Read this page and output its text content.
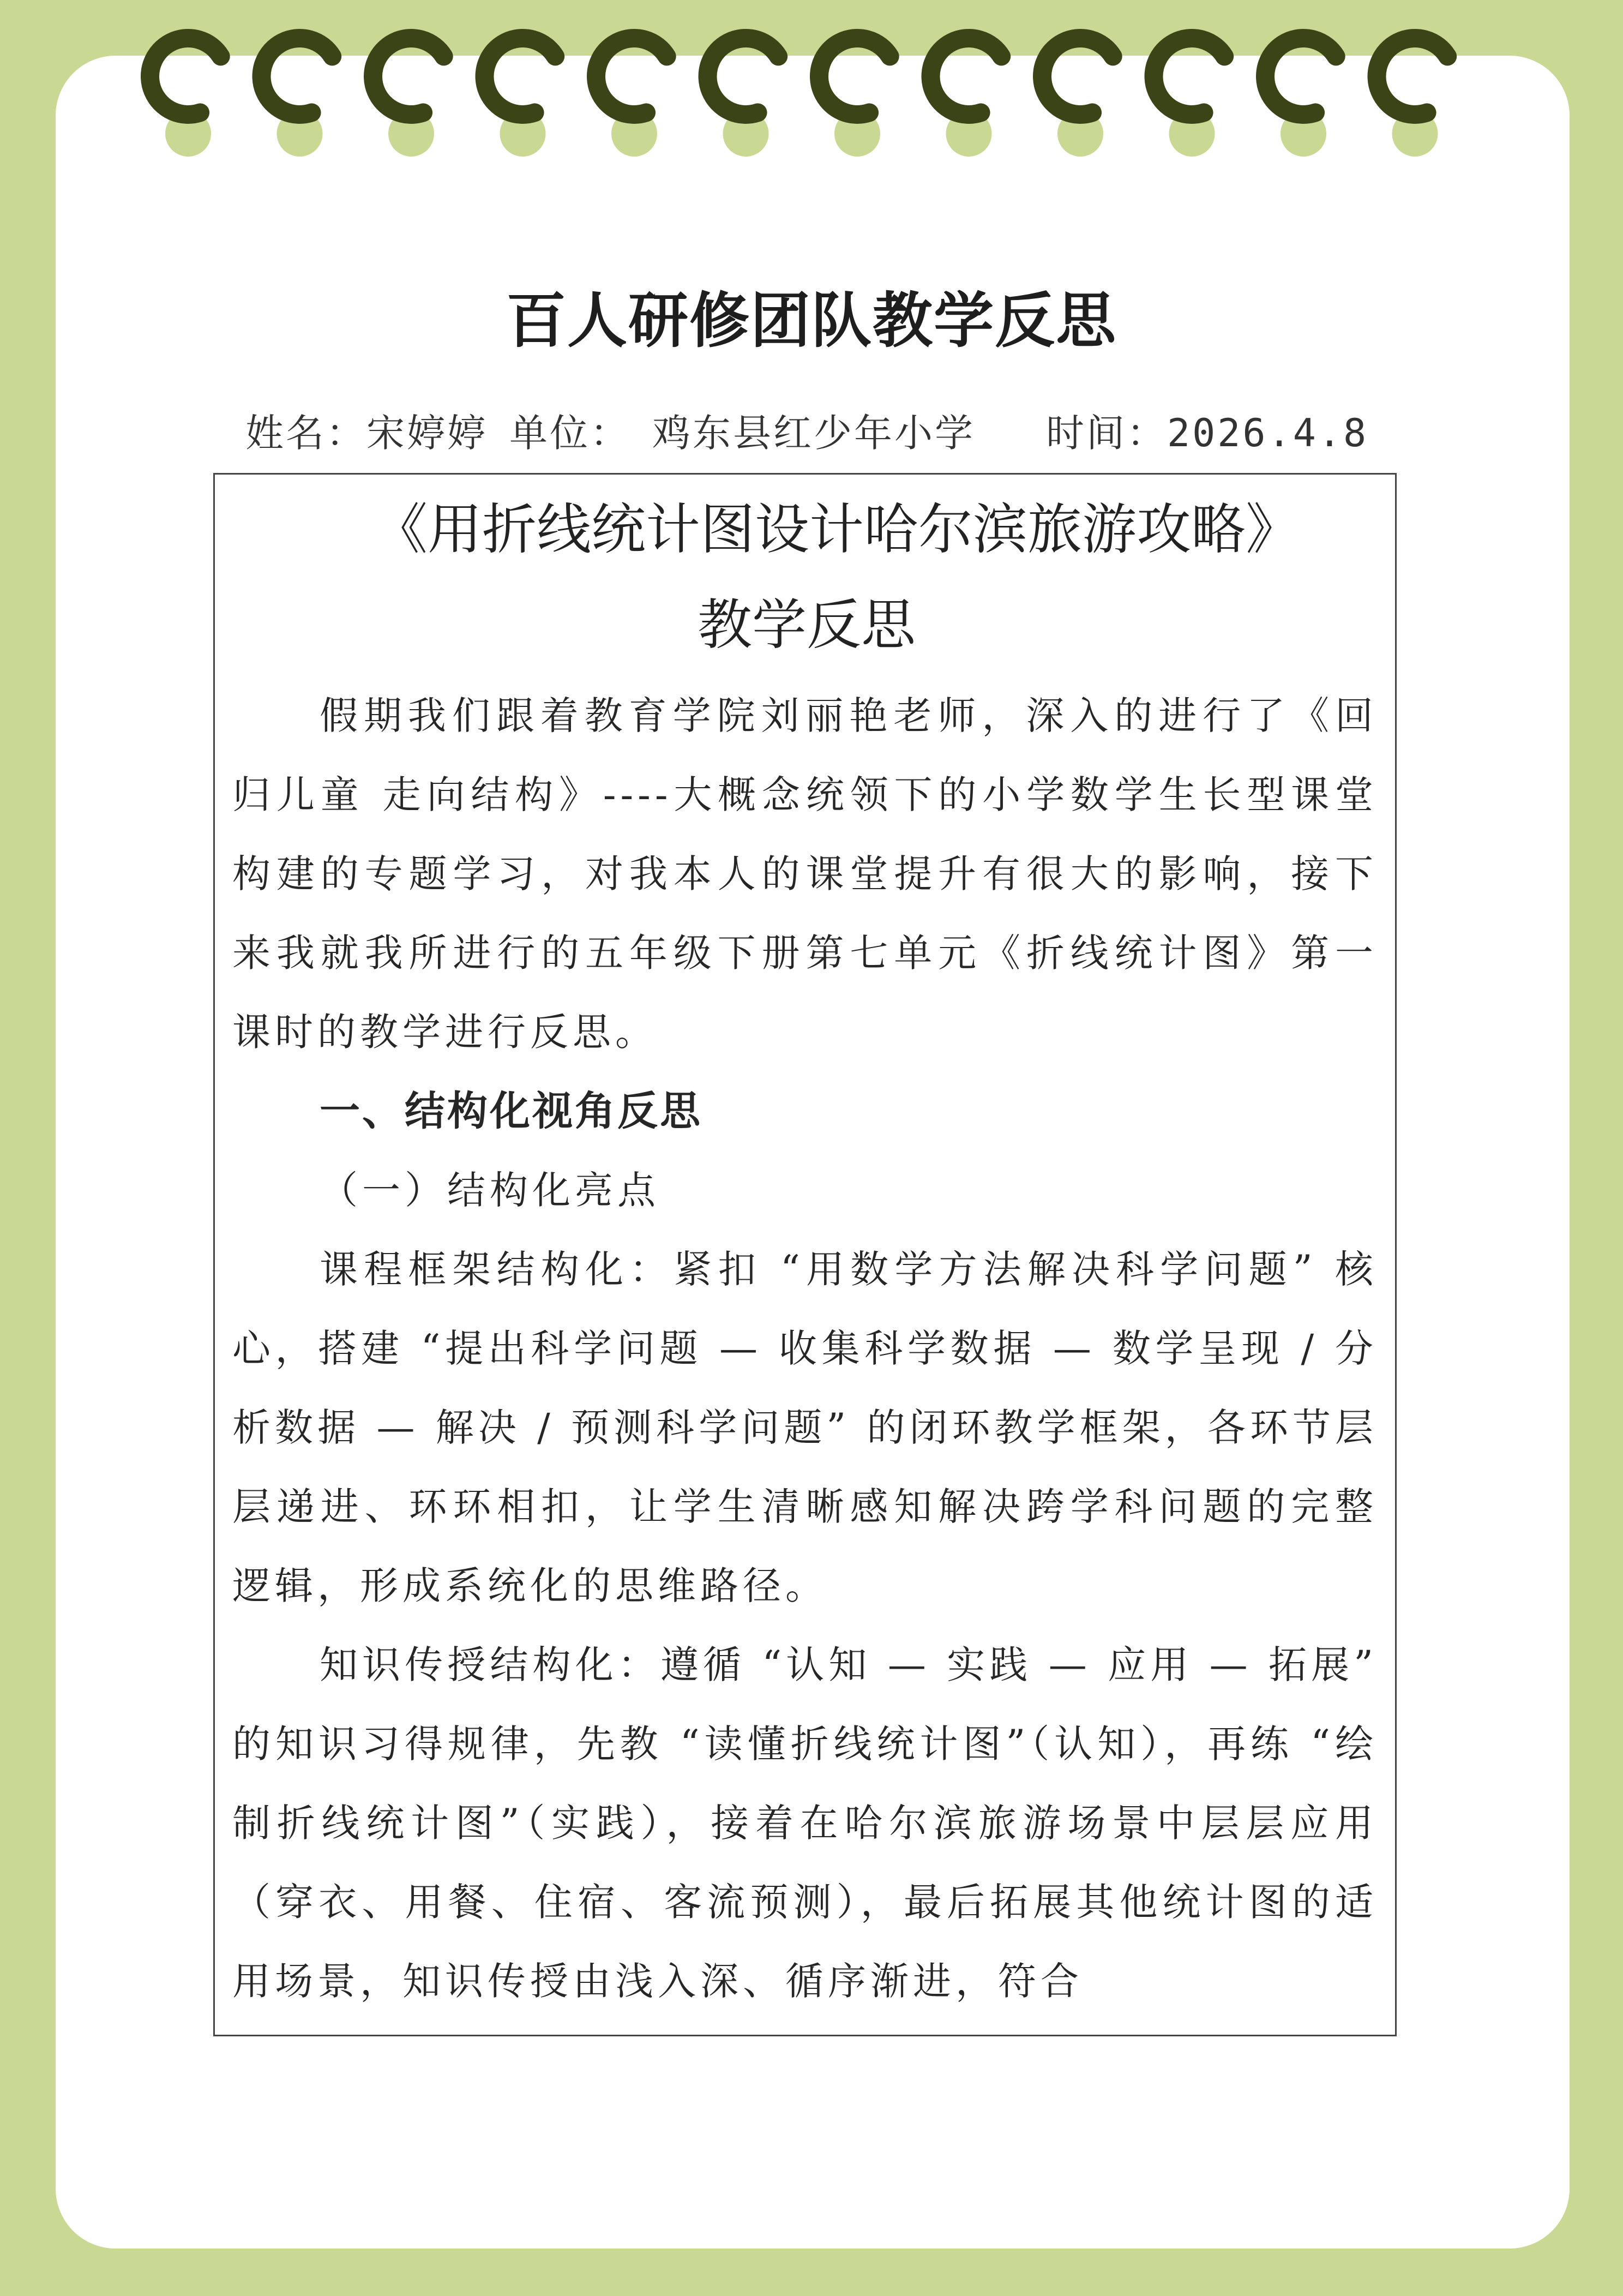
百人研修团队教学反思
姓名：宋婷婷 单位： 鸡东县红少年小学 时间：2026.4.8
《用折线统计图设计哈尔滨旅游攻略》
教学反思

假期我们跟着教育学院刘丽艳老师，深入的进行了《回归儿童 走向结构》----大概念统领下的小学数学生长型课堂构建的专题学习，对我本人的课堂提升有很大的影响，接下来我就我所进行的五年级下册第七单元《折线统计图》第一课时的教学进行反思。

一、结构化视角反思

（一）结构化亮点

课程框架结构化：紧扣 “用数学方法解决科学问题” 核心，搭建 “提出科学问题 — 收集科学数据 — 数学呈现 / 分析数据 — 解决 / 预测科学问题” 的闭环教学框架，各环节层层递进、环环相扣，让学生清晰感知解决跨学科问题的完整逻辑，形成系统化的思维路径。

知识传授结构化：遵循 “认知 — 实践 — 应用 — 拓展” 的知识习得规律，先教 “读懂折线统计图”（认知），再练 “绘制折线统计图”（实践），接着在哈尔滨旅游场景中层层应用（穿衣、用餐、住宿、客流预测），最后拓展其他统计图的适用场景，知识传授由浅入深、循序渐进，符合
